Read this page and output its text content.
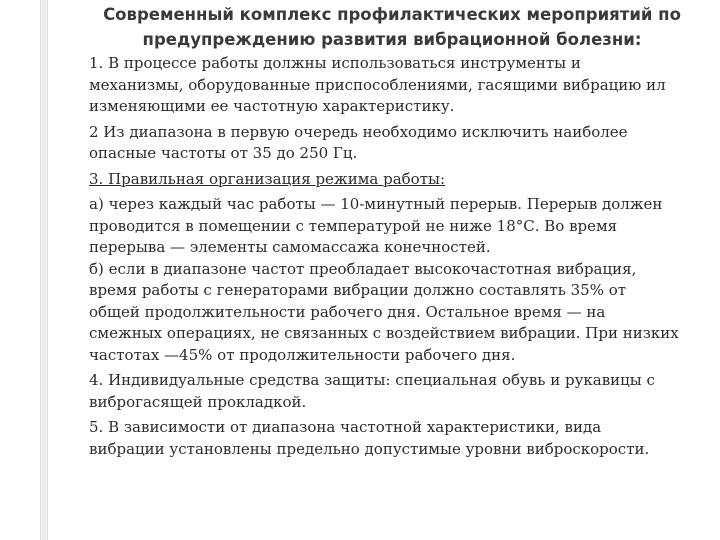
Современный комплекс профилактических мероприятий по
предупреждению развития вибрационной болезни:

1. В процессе работы должны использоваться инструменты и
механизмы, оборудованные приспособлениями, гасящими вибрацию ил
изменяющими ее частотную характеристику.

2 Из диапазона в первую очередь необходимо исключить наиболее
опасные частоты от 35 до 250 Гц.

3. Правильная организация режима работы:

а) через каждый час работы — 10-минутный перерыв. Перерыв должен
проводится в помещении с температурой не ниже 18°С. Во время
перерыва — элементы самомассажа конечностей.

б) если в диапазоне частот преобладает высокочастотная вибрация,
время работы с генераторами вибрации должно составлять 35% от
общей продолжительности рабочего дня. Остальное время — на
смежных операциях, не связанных с воздействием вибрации. При низких
частотах —45% от продолжительности рабочего дня.

4. Индивидуальные средства защиты: специальная обувь и рукавицы с
виброгасящей прокладкой.

5. В зависимости от диапазона частотной характеристики, вида
вибрации установлены предельно допустимые уровни виброскорости.
